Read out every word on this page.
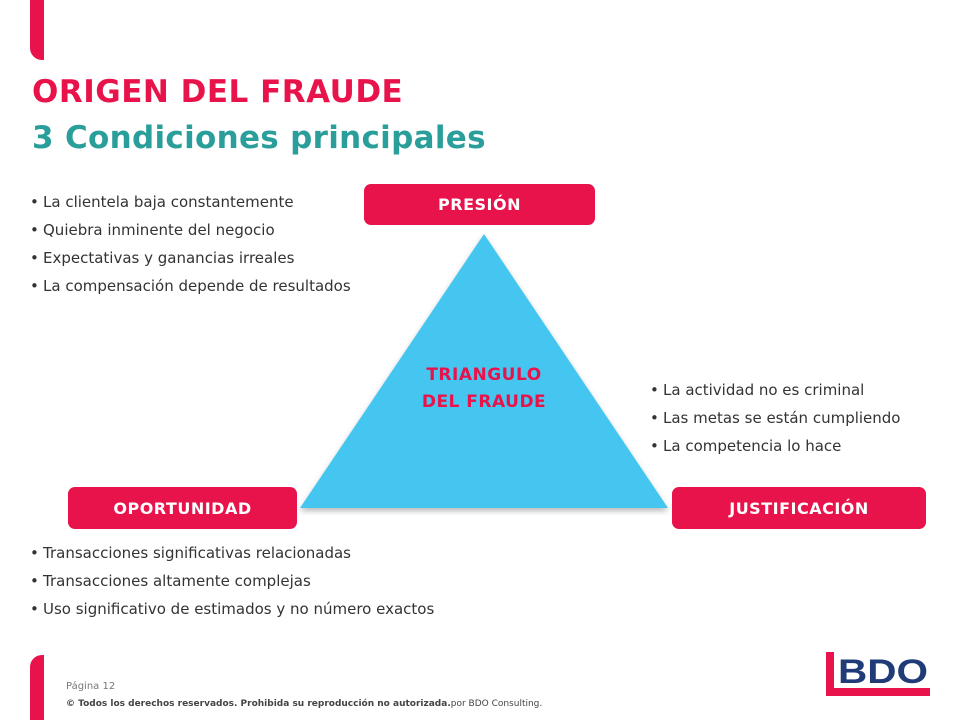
ORIGEN DEL FRAUDE
3 Condiciones principales
• La clientela baja constantemente
• Quiebra inminente del negocio
• Expectativas y ganancias irreales
• La compensación depende de resultados
PRESIÓN
TRIANGULO
DEL FRAUDE
• La actividad no es criminal
• Las metas se están cumpliendo
• La competencia lo hace
OPORTUNIDAD	JUSTIFICACIÓN
• Transacciones significativas relacionadas
• Transacciones altamente complejas
• Uso significativo de estimados y no número exactos
Página 12
© Todos los derechos reservados. Prohibida su reproducción no autorizada.por BDO Consulting.
BDO
